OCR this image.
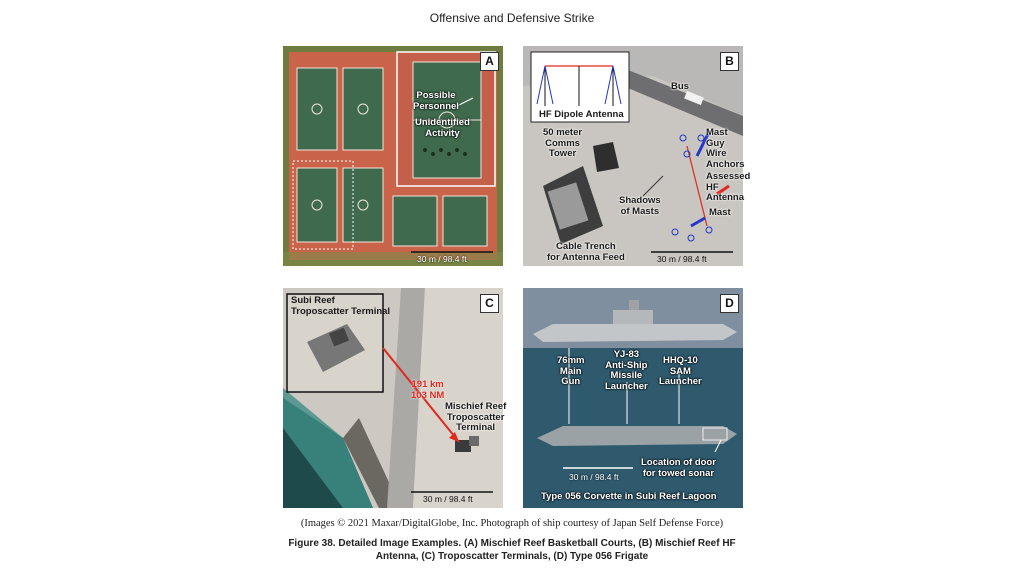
Offensive and Defensive Strike
A
Possible
Personnel
Unidentified
Activity
30 m / 98.4 ft
B
HF Dipole Antenna
Bus
50 meter
Comms
Tower
Mast
Guy
Wire
Anchors
Assessed
HF
Antenna
Shadows
of Masts	Mast
Cable Trench
for Antenna Feed	30 m / 98.4 ft
C
Subi Reef
Troposcatter Terminal
191 km
103 NM
Mischief Reef
Troposcatter
Terminal
30 m / 98.4 ft
D
76mm
Main
Gun
YJ-83
Anti-Ship
Missile
Launcher
HHQ-10
SAM
Launcher
Location of door
for towed sonar
30 m / 98.4 ft
Type 056 Corvette in Subi Reef Lagoon
(Images © 2021 Maxar/DigitalGlobe, Inc. Photograph of ship courtesy of Japan Self Defense Force)
Figure 38. Detailed Image Examples. (A) Mischief Reef Basketball Courts, (B) Mischief Reef HF
Antenna, (C) Troposcatter Terminals, (D) Type 056 Frigate
